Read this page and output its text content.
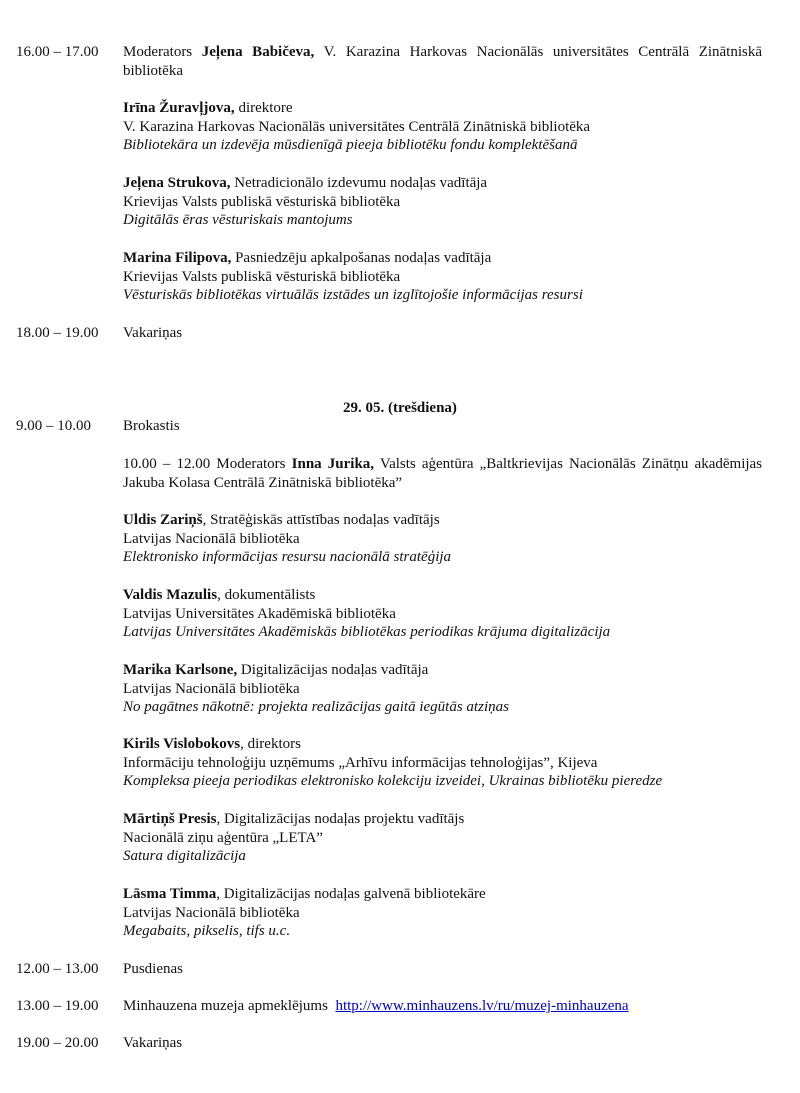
16.00 – 17.00	Moderators Jeļena Babičeva, V. Karazina Harkovas Nacionālās universitātes Centrālā Zinātniskā bibliotēka
Irīna Žuravļjova, direktore
V. Karazina Harkovas Nacionālās universitātes Centrālā Zinātniskā bibliotēka
Bibliotekāra un izdevēja mūsdienīgā pieeja bibliotēku fondu komplektēšanā
Jeļena Strukova, Netradicionālo izdevumu nodaļas vadītāja
Krievijas Valsts publiskā vēsturiskā bibliotēka
Digitālās ēras vēsturiskais mantojums
Marina Filipova, Pasniedzēju apkalpošanas nodaļas vadītāja
Krievijas Valsts publiskā vēsturiskā bibliotēka
Vēsturiskās bibliotēkas virtuālās izstādes un izglītojošie informācijas resursi
18.00 – 19.00	Vakariņas
29. 05. (trešdiena)
9.00 – 10.00	Brokastis
10.00 – 12.00 Moderators Inna Jurika, Valsts aģentūra „Baltkrievijas Nacionālās Zinātņu akadēmijas Jakuba Kolasa Centrālā Zinātniskā bibliotēka”
Uldis Zariņš, Stratēģiskās attīstības nodaļas vadītājs
Latvijas Nacionālā bibliotēka
Elektronisko informācijas resursu nacionālā stratēģija
Valdis Mazulis, dokumentālists
Latvijas Universitātes Akadēmiskā bibliotēka
Latvijas Universitātes Akadēmiskās bibliotēkas periodikas krājuma digitalizācija
Marika Karlsone, Digitalizācijas nodaļas vadītāja
Latvijas Nacionālā bibliotēka
No pagātnes nākotnē: projekta realizācijas gaitā iegūtās atziņas
Kirils Vislobokovs, direktors
Informāciju tehnoloģiju uzņēmums „Arhīvu informācijas tehnoloģijas”, Kijeva
Kompleksa pieeja periodikas elektronisko kolekciju izveidei, Ukrainas bibliotēku pieredze
Mārtiņš Presis, Digitalizācijas nodaļas projektu vadītājs
Nacionālā ziņu aģentūra „LETA”
Satura digitalizācija
Lāsma Timma, Digitalizācijas nodaļas galvenā bibliotekāre
Latvijas Nacionālā bibliotēka
Megabaits, pikselis, tifs u.c.
12.00 – 13.00	Pusdienas
13.00 – 19.00	Minhauzena muzeja apmeklējums http://www.minhauzens.lv/ru/muzej-minhauzena
19.00 – 20.00	Vakariņas
